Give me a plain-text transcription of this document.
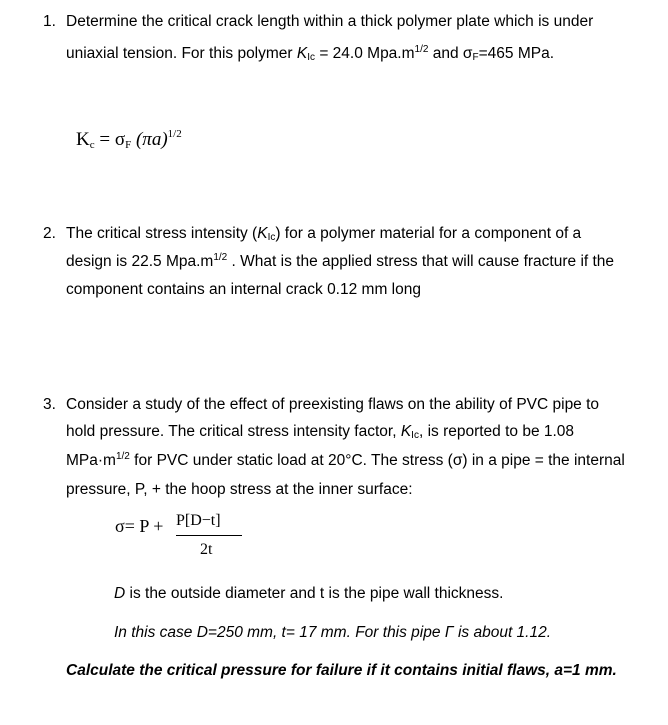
1. Determine the critical crack length within a thick polymer plate which is under
uniaxial tension. For this polymer KIc = 24.0 $Mpa.m^{1/2}$ and σF=465 MPa.
$K_c = \sigma_F$ $(\pi a)^{1/2}$
2. The critical stress intensity (KIc) for a polymer material for a component of a
design is 22.5 $Mpa.m^{1/2}$ . What is the applied stress that will cause fracture if the
component contains an internal crack 0.12 mm long
3. Consider a study of the effect of preexisting flaws on the ability of PVC pipe to
hold pressure. The critical stress intensity factor, KIc, is reported to be 1.08
$MPa\cdot m^{1/2}$ for PVC under static load at 20°C. The stress (σ) in a pipe = the internal
pressure, P, + the hoop stress at the inner surface:
σ= P + P[D−t]
2t
D is the outside diameter and t is the pipe wall thickness.
In this case D=250 mm, t= 17 mm. For this pipe Γ is about 1.12.
Calculate the critical pressure for failure if it contains initial flaws, a=1 mm.
